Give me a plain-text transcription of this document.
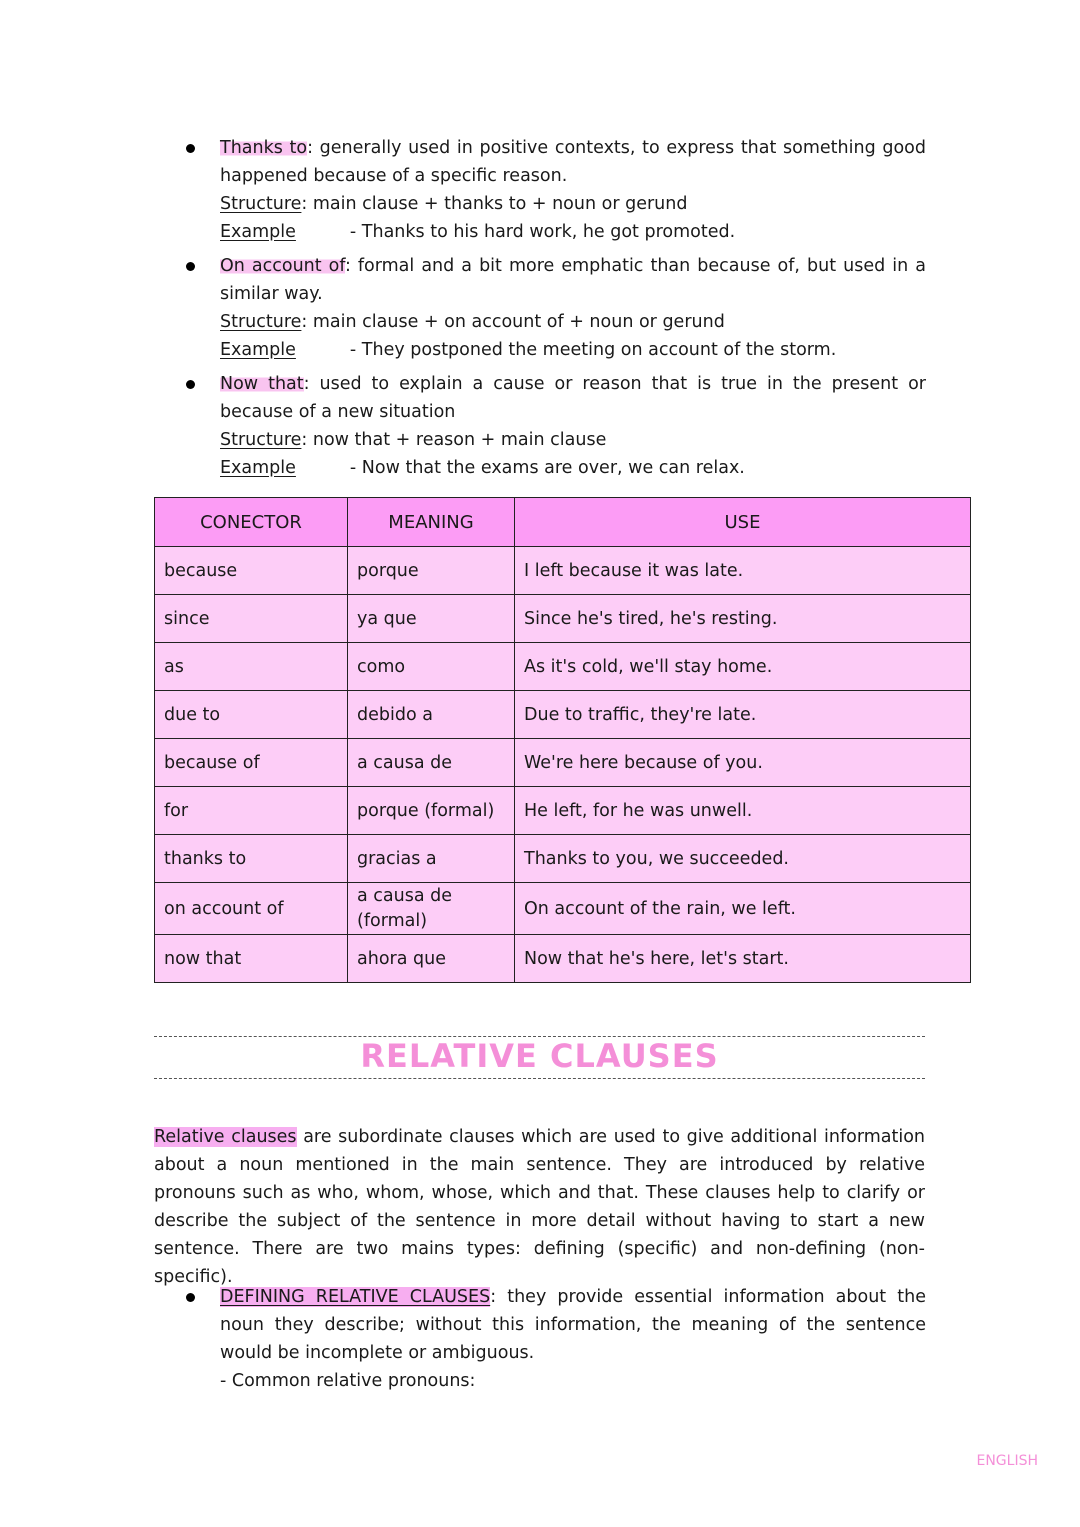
Thanks to: generally used in positive contexts, to express that something good happened because of a specific reason.
Structure: main clause + thanks to + noun or gerund
Example	- Thanks to his hard work, he got promoted.
On account of: formal and a bit more emphatic than because of, but used in a similar way.
Structure: main clause + on account of + noun or gerund
Example	- They postponed the meeting on account of the storm.
Now that: used to explain a cause or reason that is true in the present or because of a new situation
Structure: now that + reason + main clause
Example	- Now that the exams are over, we can relax.
CONECTOR	MEANING	USE
because	porque	I left because it was late.
since	ya que	Since he's tired, he's resting.
as	como	As it's cold, we'll stay home.
due to	debido a	Due to traffic, they're late.
because of	a causa de	We're here because of you.
for	porque (formal)	He left, for he was unwell.
thanks to	gracias a	Thanks to you, we succeeded.
on account of	a causa de (formal)	On account of the rain, we left.
now that	ahora que	Now that he's here, let's start.
RELATIVE CLAUSES
Relative clauses are subordinate clauses which are used to give additional information about a noun mentioned in the main sentence. They are introduced by relative pronouns such as who, whom, whose, which and that. These clauses help to clarify or describe the subject of the sentence in more detail without having to start a new sentence. There are two mains types: defining (specific) and non-defining (non-specific).
DEFINING RELATIVE CLAUSES: they provide essential information about the noun they describe; without this information, the meaning of the sentence would be incomplete or ambiguous.
- Common relative pronouns:
ENGLISH
